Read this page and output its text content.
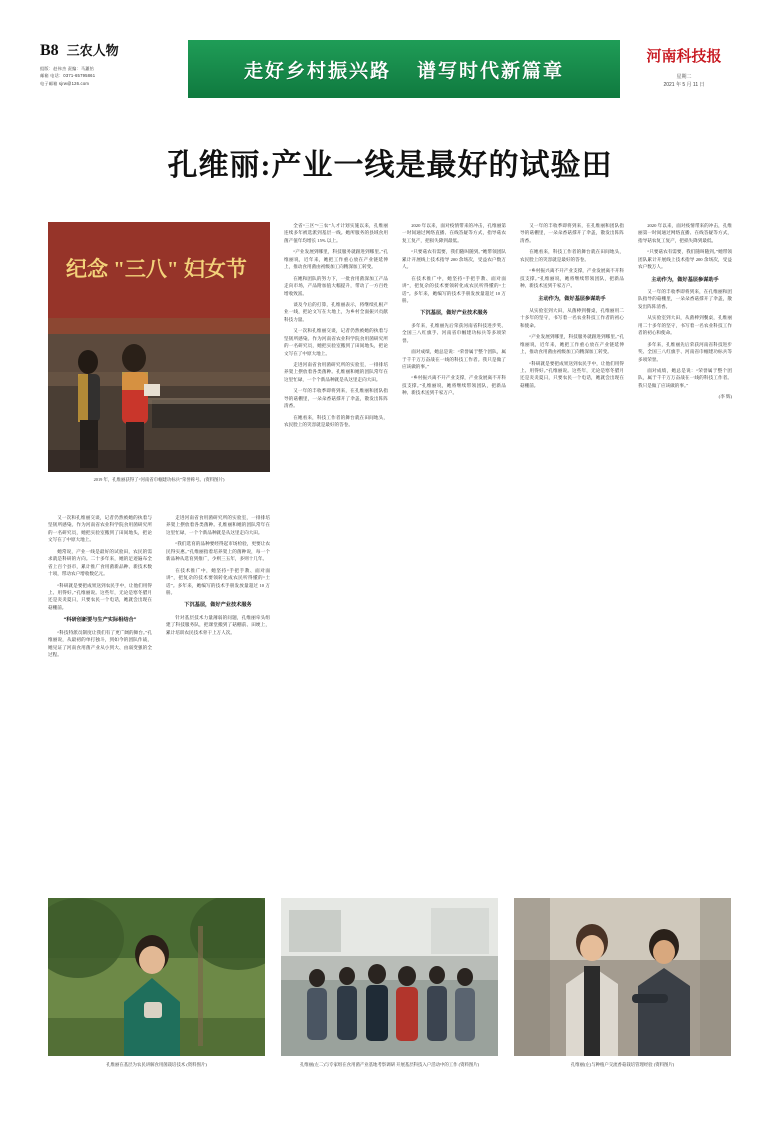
B8 三农人物
组版：赵伟杰 责编：马蕙怡
邮箱 电话：0371-65795861
电子邮箱 sjrw@126.com
走好乡村振兴路 谱写时代新篇章
河南科技报
星期二
2021 年 5 月 11 日
孔维丽:产业一线是最好的试验田
纪念 "三八" 妇女节
2019 年，孔维丽获得了“河南省巾帼建功标兵”荣誉称号。(资料图片)

又一次和孔维丽交谈，记者仍然被她的执着与坚韧所感染。作为河南省农业科学院食用菌研究所的一名研究员，她把实验室搬到了田间地头，把论文写在了中原大地上。

她常说，产业一线是最好的试验田，农民的需求就是科研的方向。二十多年来，她的足迹遍布全省上百个县市，累计推广食用菌新品种、新技术数十项，带动农户增收数亿元。

“科研就是要把成果送到农民手中，让他们用得上、用得好。”孔维丽说。这些年，无论是寒冬腊月还是炎炎夏日，只要农民一个电话，她就会出现在菇棚前。

“科研创新要与生产实际相结合”

“科技特派员制度让我们有了更广阔的舞台。”孔维丽说，从最初的单打独斗，到如今的团队作战，她见证了河南食用菌产业从小到大、由弱变强的全过程。

走进河南省食用菌研究所的实验室，一排排培养架上摆放着各类菌种。孔维丽和她的团队常年在这里忙碌，一个个新品种就是从这里走向大田。

“我们选育的品种要经得起市场检验，更要让农民得实惠。”孔维丽指着培养架上的菌种说，每一个新品种从选育到推广，少则三五年，多则十几年。

在技术推广中，她坚持“手把手教、面对面讲”，把复杂的技术要领转化成农民听得懂的“土话”。多年来，她编写的技术手册发放量超过 10 万册。

下沉基层，做好产业技术服务

针对基层技术力量薄弱的问题，孔维丽牵头组建了科技服务队，把课堂搬到了菇棚前、田埂上，累计培训农民技术骨干上万人次。

全省“三区”“三农”人才计划实施以来，孔维丽连续多年被选派到基层一线。她所服务的县域食用菌产值年均增长 15% 以上。

“产业发展到哪里，科技服务就跟进到哪里。”孔维丽说，近年来，她把工作重心放在产业链延伸上，推动食用菌由初级加工向精深加工转变。

在她和团队的努力下，一批食用菌深加工产品走向市场，产品附加值大幅提升，带动了一方百姓增收致富。

谈及今后的打算，孔维丽表示，将继续扎根产业一线，把论文写在大地上，为乡村全面振兴贡献科技力量。

又一次和孔维丽交谈，记者仍然被她的执着与坚韧所感染。作为河南省农业科学院食用菌研究所的一名研究员，她把实验室搬到了田间地头，把论文写在了中原大地上。

走进河南省食用菌研究所的实验室，一排排培养架上摆放着各类菌种。孔维丽和她的团队常年在这里忙碌，一个个新品种就是从这里走向大田。

又一年的丰收季即将到来，在孔维丽和团队指导的菇棚里，一朵朵香菇撑开了伞盖，散发出阵阵清香。

在她看来，科技工作者的舞台就在田间地头，农民脸上的笑容就是最好的答卷。

2020 年以来，面对疫情带来的冲击，孔维丽第一时间通过网络直播、在线答疑等方式，指导菇农复工复产，把损失降到最低。

“只要菇农有需要，我们随叫随到。”她带领团队累计开展线上技术指导 200 余场次，受益农户数万人。

在技术推广中，她坚持“手把手教、面对面讲”，把复杂的技术要领转化成农民听得懂的“土话”。多年来，她编写的技术手册发放量超过 10 万册。

下沉基层，做好产业技术服务

多年来，孔维丽先后荣获河南省科技进步奖、全国三八红旗手、河南省巾帼建功标兵等多项荣誉。

面对成绩，她总是说：“荣誉属于整个团队，属于千千万万奋战在一线的科技工作者。我只是做了应该做的事。”

“乡村振兴离不开产业支撑，产业发展离不开科技支撑。”孔维丽说，她将继续带领团队，把新品种、新技术送到千家万户。

又一年的丰收季即将到来，在孔维丽和团队指导的菇棚里，一朵朵香菇撑开了伞盖，散发出阵阵清香。

在她看来，科技工作者的舞台就在田间地头，农民脸上的笑容就是最好的答卷。

“乡村振兴离不开产业支撑，产业发展离不开科技支撑。”孔维丽说，她将继续带领团队，把新品种、新技术送到千家万户。

主动作为，做好基层参谋助手

从实验室到大田，从菌棒到餐桌，孔维丽用二十多年的坚守，书写着一名农业科技工作者的初心和使命。

“产业发展到哪里，科技服务就跟进到哪里。”孔维丽说，近年来，她把工作重心放在产业链延伸上，推动食用菌由初级加工向精深加工转变。

“科研就是要把成果送到农民手中，让他们用得上、用得好。”孔维丽说。这些年，无论是寒冬腊月还是炎炎夏日，只要农民一个电话，她就会出现在菇棚前。

2020 年以来，面对疫情带来的冲击，孔维丽第一时间通过网络直播、在线答疑等方式，指导菇农复工复产，把损失降到最低。

“只要菇农有需要，我们随叫随到。”她带领团队累计开展线上技术指导 200 余场次，受益农户数万人。

主动作为，做好基层参谋助手

又一年的丰收季即将到来，在孔维丽和团队指导的菇棚里，一朵朵香菇撑开了伞盖，散发出阵阵清香。

从实验室到大田，从菌棒到餐桌，孔维丽用二十多年的坚守，书写着一名农业科技工作者的初心和使命。

多年来，孔维丽先后荣获河南省科技进步奖、全国三八红旗手、河南省巾帼建功标兵等多项荣誉。

面对成绩，她总是说：“荣誉属于整个团队，属于千千万万奋战在一线的科技工作者。我只是做了应该做的事。”

(李 辉)

孔维丽在基层为农民讲解食用菌栽培技术 (资料图片)	孔维丽(左二)与专家组在食用菌产业基地考察调研 开展基层科技入户活动中的工作 (资料图片)	孔维丽(左)与种植户交流香菇栽培管理经验 (资料图片)
